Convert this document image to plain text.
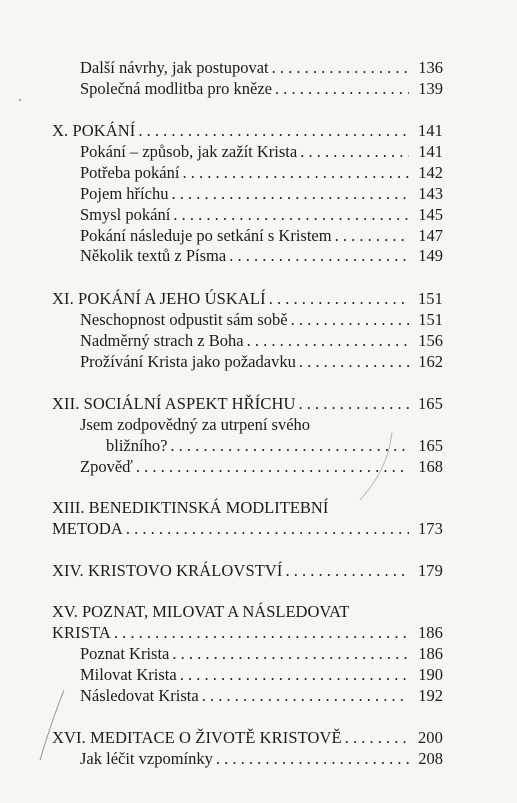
Další návrhy, jak postupovat . . .	136
Společná modlitba pro kněze . . .	139
X. POKÁNÍ . . .	141
Pokání – způsob, jak zažít Krista . . .	141
Potřeba pokání . . .	142
Pojem hříchu . . .	143
Smysl pokání . . .	145
Pokání následuje po setkání s Kristem . . .	147
Několik textů z Písma . . .	149
XI. POKÁNÍ A JEHO ÚSKALÍ . . .	151
Neschopnost odpustit sám sobě . . .	151
Nadměrný strach z Boha . . .	156
Prožívání Krista jako požadavku . . .	162
XII. SOCIÁLNÍ ASPEKT HŘÍCHU . . .	165
Jsem zodpovědný za utrpení svého
bližního? . . .	165
Zpověď . . .	168
XIII. BENEDIKTINSKÁ MODLITEBNÍ
METODA . . .	173
XIV. KRISTOVO KRÁLOVSTVÍ . . .	179
XV. POZNAT, MILOVAT A NÁSLEDOVAT
KRISTA . . .	186
Poznat Krista . . .	186
Milovat Krista . . .	190
Následovat Krista . . .	192
XVI. MEDITACE O ŽIVOTĚ KRISTOVĚ . . .	200
Jak léčit vzpomínky . . .	208
